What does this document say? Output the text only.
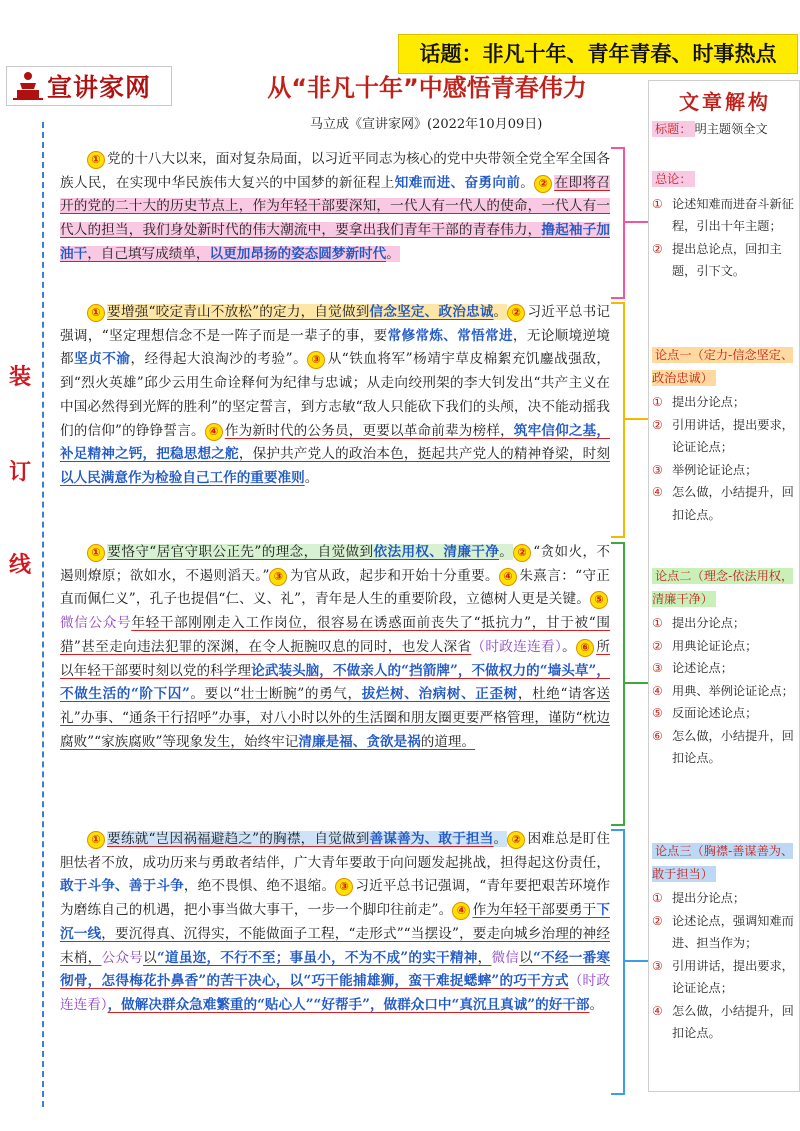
话题：非凡十年、青年青春、时事热点
宣讲家网	从“非凡十年”中感悟青春伟力
马立成《宣讲家网》(2022年10月09日)
装
订
线
① 党的十八大以来，面对复杂局面，以习近平同志为核心的党中央带领全党全军全国各族人民，在实现中华民族伟大复兴的中国梦的新征程上知难而进、奋勇向前。 ② 在即将召开的党的二十大的历史节点上，作为年轻干部要深知，一代人有一代人的使命，一代人有一代人的担当，我们身处新时代的伟大潮流中，要拿出我们青年干部的青春伟力，撸起袖子加油干，自己填写成绩单，以更加昂扬的姿态圆梦新时代。
① 要增强“咬定青山不放松”的定力，自觉做到信念坚定、政治忠诚。 ② 习近平总书记强调，“坚定理想信念不是一阵子而是一辈子的事，要常修常炼、常悟常进，无论顺境逆境都坚贞不渝，经得起大浪淘沙的考验”。 ③ 从“铁血将军”杨靖宇草皮棉絮充饥鏖战强敌，到“烈火英雄”邱少云用生命诠释何为纪律与忠诚；从走向绞刑架的李大钊发出“共产主义在中国必然得到光辉的胜利”的坚定誓言，到方志敏“敌人只能砍下我们的头颅，决不能动摇我们的信仰”的铮铮誓言。 ④ 作为新时代的公务员，更要以革命前辈为榜样，筑牢信仰之基，补足精神之钙，把稳思想之舵，保护共产党人的政治本色，挺起共产党人的精神脊梁，时刻以人民满意作为检验自己工作的重要准则。
① 要恪守“居官守职公正先”的理念，自觉做到依法用权、清廉干净。 ② “贪如火，不遏则燎原；欲如水，不遏则滔天。” ③ 为官从政，起步和开始十分重要。 ④ 朱熹言：“守正直而佩仁义”，孔子也提倡“仁、义、礼”，青年是人生的重要阶段，立德树人更是关键。 ⑤微信公众号年轻干部刚刚走入工作岗位，很容易在诱惑面前丧失了“抵抗力”，甘于被“围猎”甚至走向违法犯罪的深渊，在令人扼腕叹息的同时，也发人深省（时政连连看）。 ⑥ 所以年轻干部要时刻以党的科学理论武装头脑，不做亲人的“挡箭牌”，不做权力的“墙头草”，不做生活的“阶下囚”。要以“壮士断腕”的勇气，拔烂树、治病树、正歪树，杜绝“请客送礼”办事、“通条干行招呼”办事，对八小时以外的生活圈和朋友圈更要严格管理，谨防“枕边腐败”“家族腐败”等现象发生，始终牢记清廉是福、贪欲是祸的道理。
① 要练就“岂因祸福避趋之”的胸襟，自觉做到善谋善为、敢于担当。 ② 困难总是盯住胆怯者不放，成功历来与勇敢者结伴，广大青年要敢于向问题发起挑战，担得起这份责任，敢于斗争、善于斗争，绝不畏惧、绝不退缩。 ③ 习近平总书记强调，“青年要把艰苦环境作为磨练自己的机遇，把小事当做大事干，一步一个脚印往前走”。 ④ 作为年轻干部要勇于下沉一线，要沉得真、沉得实，不能做面子工程，“走形式”“当摆设”，要走向城乡治理的神经末梢，公众号以“道虽迩，不行不至；事虽小，不为不成”的实干精神，微信以“不经一番寒彻骨，怎得梅花扑鼻香”的苦干决心，以“巧干能捕雄狮，蛮干难捉蟋蟀”的巧干方式（时政连连看），做解决群众急难繁重的“贴心人”“好帮手”，做群众口中“真沉且真诚”的好干部。
文章解构
标题： 明主题领全文
总论：
① 论述知难而进奋斗新征程，引出十年主题；
② 提出总论点，回扣主题，引下文。
论点一（定力-信念坚定、政治忠诚）
① 提出分论点；
② 引用讲话，提出要求，论证论点；
③ 举例论证论点；
④ 怎么做，小结提升，回扣论点。
论点二（理念-依法用权，清廉干净）
① 提出分论点；
② 用典论证论点；
③ 论述论点；
④ 用典、举例论证论点；
⑤ 反面论述论点；
⑥ 怎么做，小结提升，回扣论点。
论点三（胸襟-善谋善为、敢于担当）
① 提出分论点；
② 论述论点，强调知难而进、担当作为；
③ 引用讲话，提出要求，论证论点；
④ 怎么做，小结提升，回扣论点。
